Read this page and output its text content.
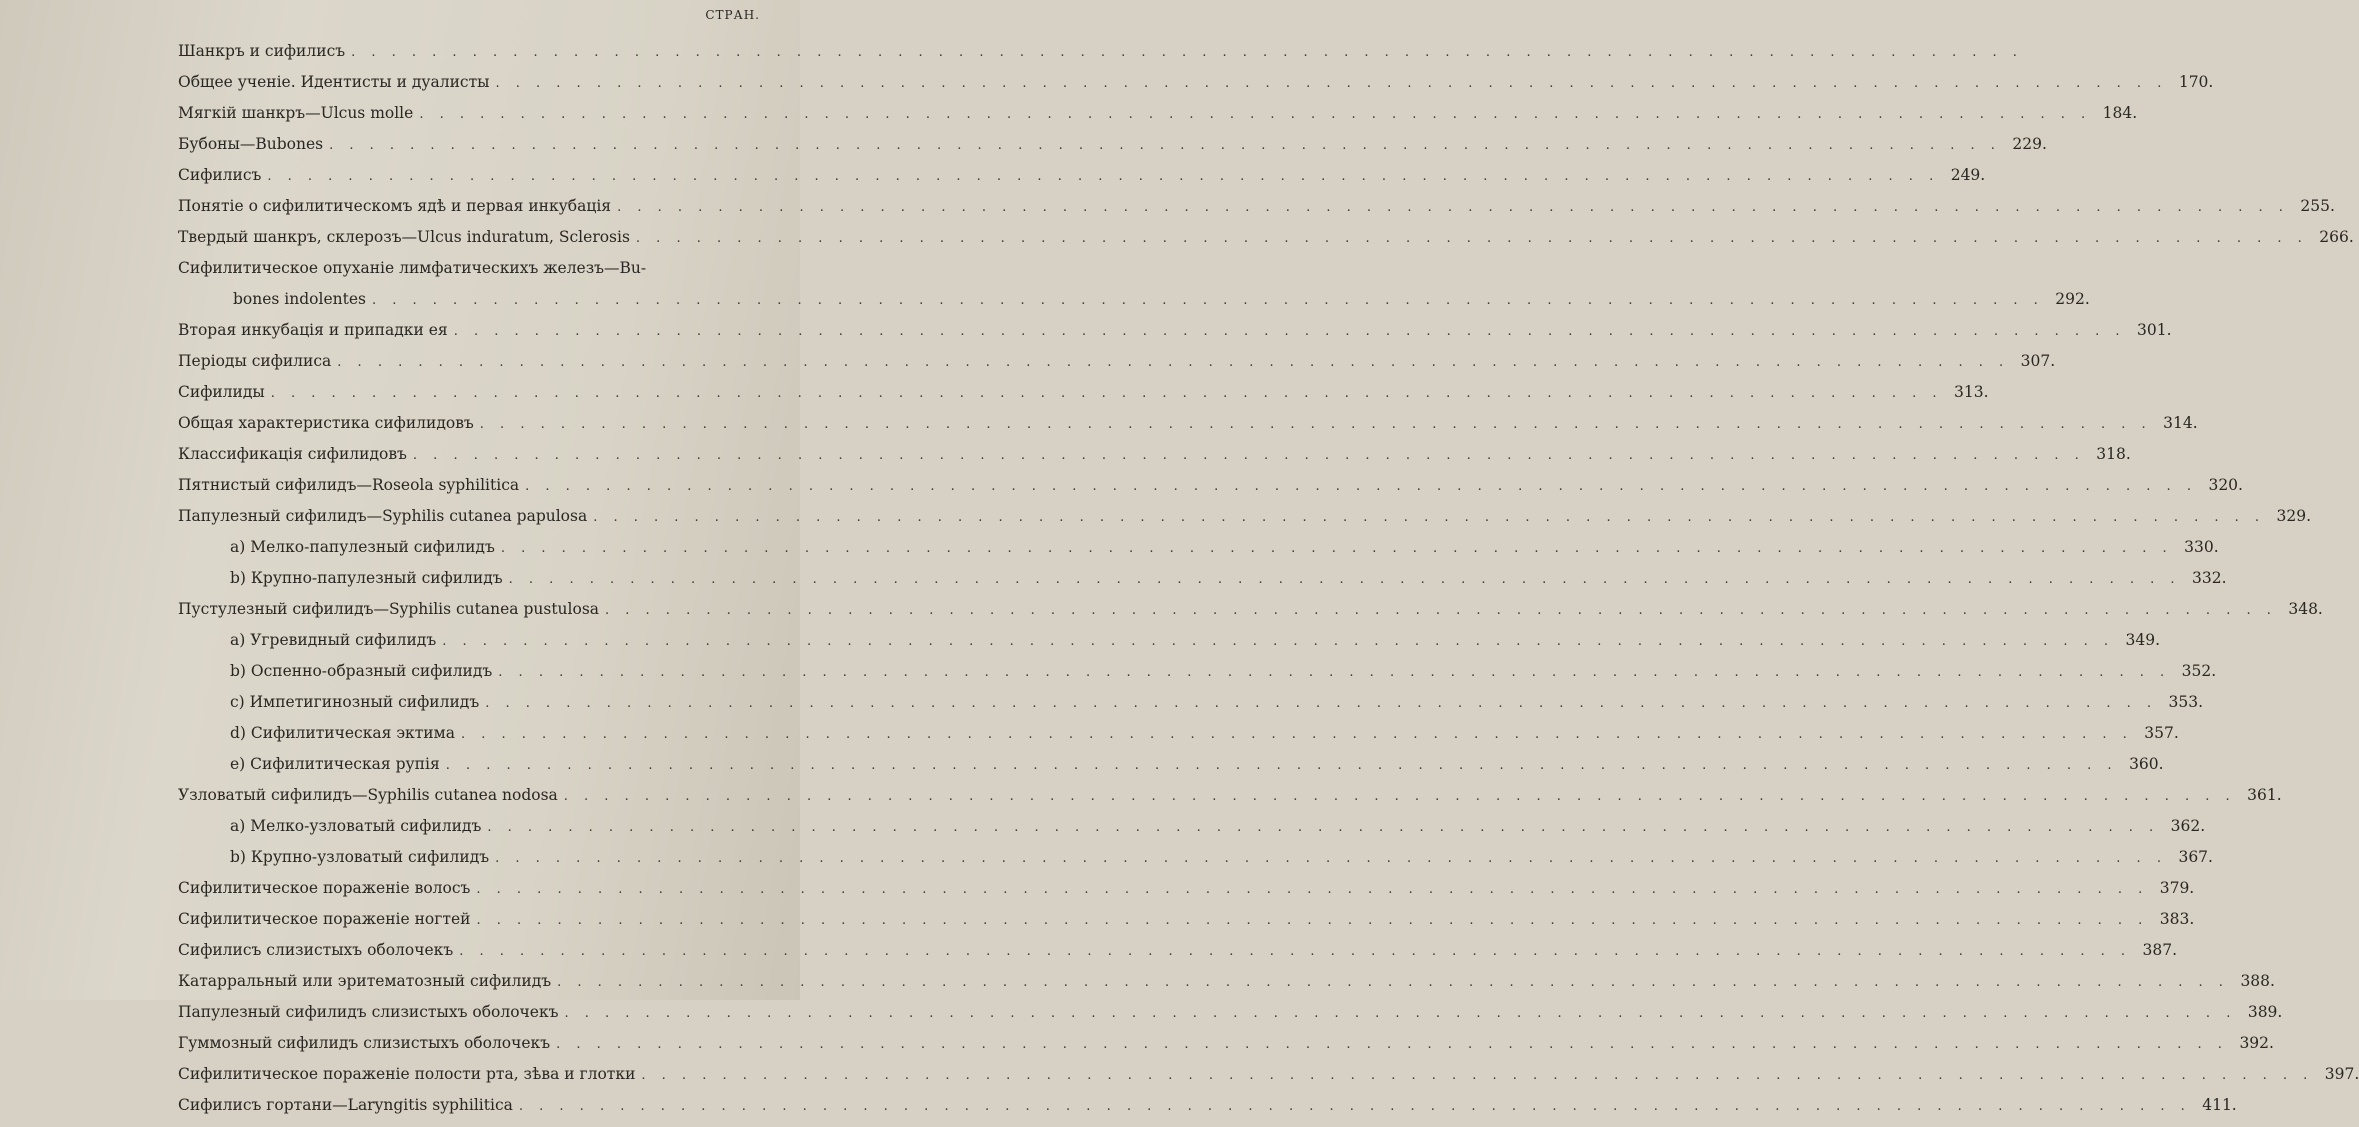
СТРАН.
Шанкръ и сифилисъ
. . .
Общее ученiе. Идентисты и дуалисты . . .	170.
Мягкiй шанкръ—Ulcus molle . . .	184.
Бубоны—Bubones . . .	229.
Сифилисъ . . .	249.
Понятiе о сифилитическомъ ядѣ и первая инкубацiя . . .	255.
Твердый шанкръ, склерозъ—Ulcus induratum, Sclerosis . . .	266.
Сифилитическое опуханiе лимфатическихъ железъ—Bu-
bones indolentes . . .	292.
Вторая инкубацiя и припадки ея . . .	301.
Перiоды сифилиса . . .	307.
Сифилиды . . .	313.
Общая характеристика сифилидовъ . . .	314.
Классификацiя сифилидовъ . . .	318.
Пятнистый сифилидъ—Roseola syphilitica . . .	320.
Папулезный сифилидъ—Syphilis cutanea papulosa . . .	329.
a) Мелко-папулезный сифилидъ . . .	330.
b) Крупно-папулезный сифилидъ . . .	332.
Пустулезный сифилидъ—Syphilis cutanea pustulosa . . .	348.
a) Угревидный сифилидъ . . .	349.
b) Оспенно-образный сифилидъ . . .	352.
c) Импетигинозный сифилидъ . . .	353.
d) Сифилитическая эктима . . .	357.
e) Сифилитическая рупiя . . .	360.
Узловатый сифилидъ—Syphilis cutanea nodosa . . .	361.
a) Мелко-узловатый сифилидъ . . .	362.
b) Крупно-узловатый сифилидъ . . .	367.
Сифилитическое пораженiе волосъ . . .	379.
Сифилитическое пораженiе ногтей . . .	383.
Сифилисъ слизистыхъ оболочекъ . . .	387.
Катарральный или эритематозный сифилидъ . . .	388.
Папулезный сифилидъ слизистыхъ оболочекъ . . .	389.
Гуммозный сифилидъ слизистыхъ оболочекъ . . .	392.
Сифилитическое пораженiе полости рта, зѣва и глотки . . .	397.
Сифилисъ гортани—Laryngitis syphilitica . . .	411.
